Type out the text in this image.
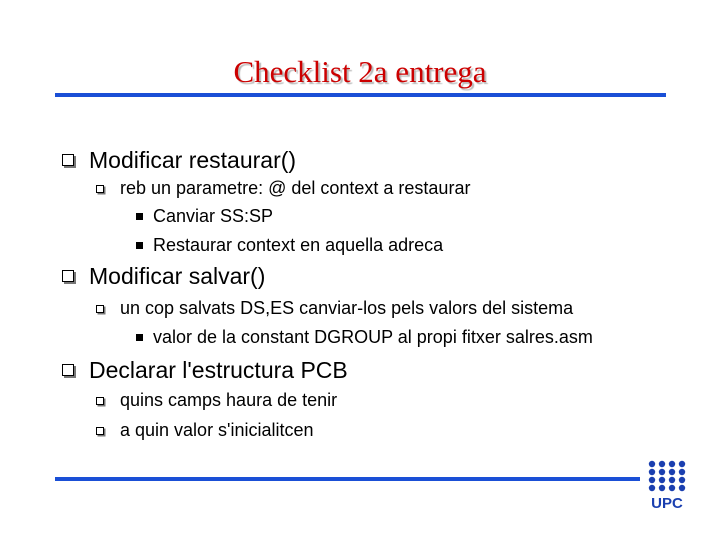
Checklist 2a entrega
Modificar restaurar()
reb un parametre: @ del context a restaurar
Canviar SS:SP
Restaurar context en aquella adreca
Modificar salvar()
un cop salvats DS,ES canviar-los pels valors del sistema
valor de la constant DGROUP al propi fitxer salres.asm
Declarar l'estructura PCB
quins camps haura de tenir
a quin valor s'inicialitcen
UPC
